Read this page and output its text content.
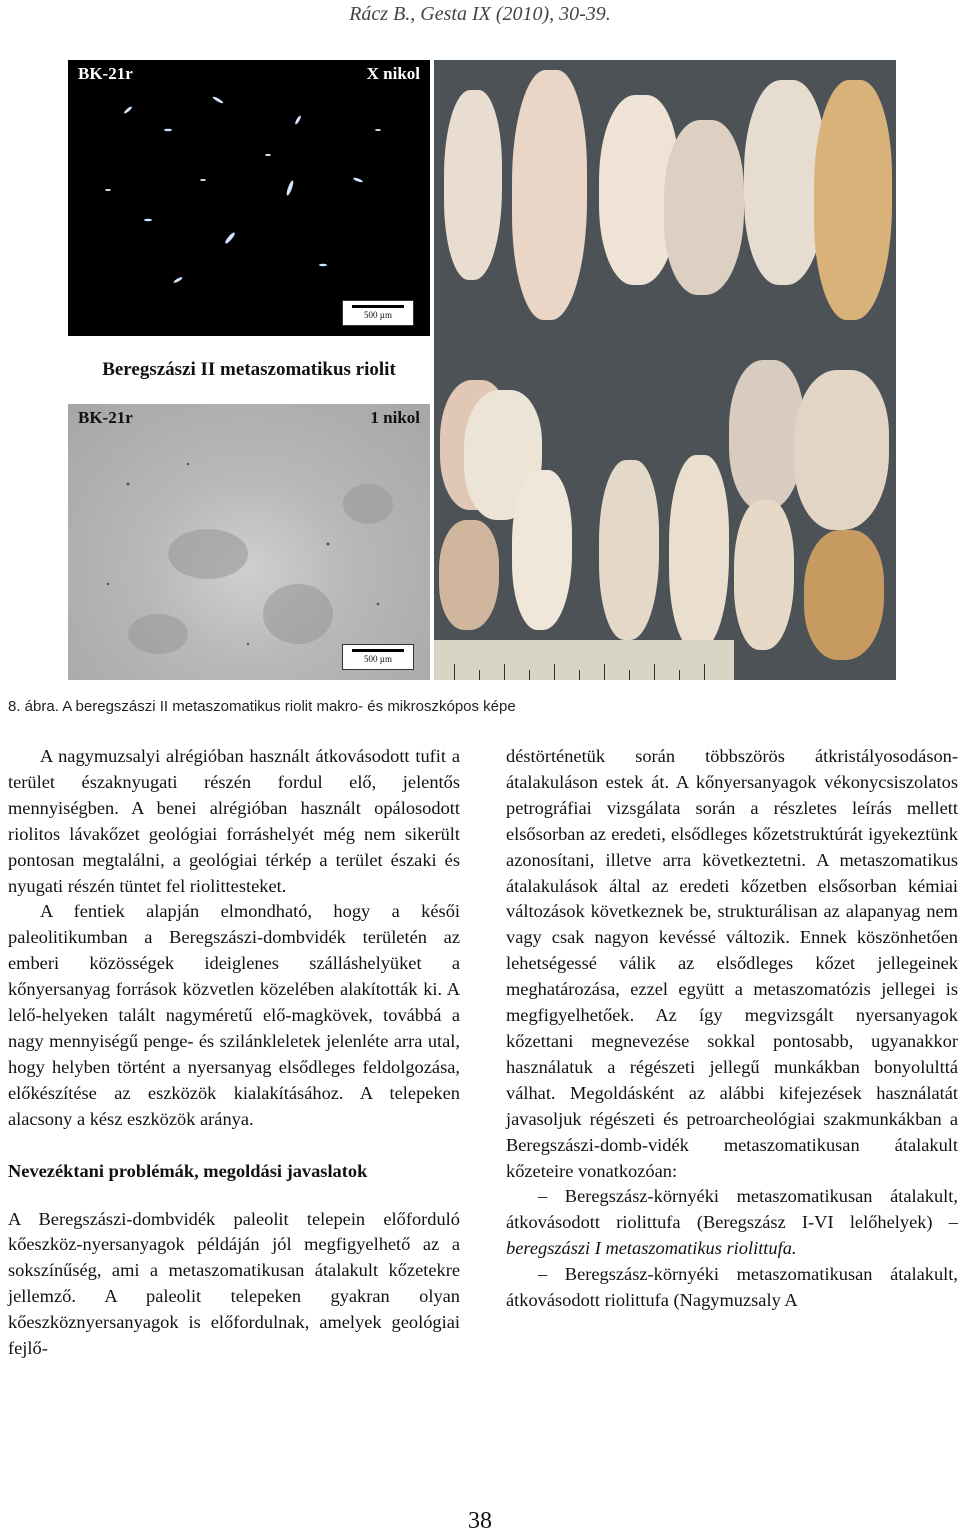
Rácz B., Gesta IX (2010), 30-39.
BK-21r	X nikol
500 µm
Beregszászi II metaszomatikus riolit
BK-21r	1 nikol
500 µm
8. ábra. A beregszászi II metaszomatikus riolit makro- és mikroszkópos képe

A nagymuzsalyi alrégióban használt átkovásodott tufit a terület északnyugati részén fordul elő, jelentős mennyiségben. A benei alrégióban használt opálosodott riolitos lávakőzet geológiai forráshelyét még nem sikerült pontosan megtalálni, a geológiai térkép a terület északi és nyugati részén tüntet fel riolittesteket.

A fentiek alapján elmondható, hogy a késői paleolitikumban a Beregszászi-dombvidék területén az emberi közösségek ideiglenes szálláshelyüket a kőnyersanyag források közvetlen közelében alakították ki. A lelő-helyeken talált nagyméretű elő-magkövek, továbbá a nagy mennyiségű penge- és szilánkleletek jelenléte arra utal, hogy helyben történt a nyersanyag elsődleges feldolgozása, előkészítése az eszközök kialakításához. A telepeken alacsony a kész eszközök aránya.

Nevezéktani problémák, megoldási javaslatok

A Beregszászi-dombvidék paleolit telepein előforduló kőeszköz-nyersanyagok példáján jól megfigyelhető az a sokszínűség, ami a metaszomatikusan átalakult kőzetekre jellemző. A paleolit telepeken gyakran olyan kőeszköznyersanyagok is előfordulnak, amelyek geológiai fejlő-

déstörténetük során többszörös átkristályosodáson-átalakuláson estek át. A kőnyersanyagok vékonycsiszolatos petrográfiai vizsgálata során a részletes leírás mellett elsősorban az eredeti, elsődleges kőzetstruktúrát igyekeztünk azonosítani, illetve arra következtetni. A metaszomatikus átalakulások által az eredeti kőzetben elsősorban kémiai változások következnek be, strukturálisan az alapanyag nem vagy csak nagyon kevéssé változik. Ennek köszönhetően lehetségessé válik az elsődleges kőzet jellegeinek meghatározása, ezzel együtt a metaszomatózis jellegei is megfigyelhetőek. Az így megvizsgált nyersanyagok kőzettani megnevezése sokkal pontosabb, ugyanakkor használatuk a régészeti jellegű munkákban bonyolulttá válhat. Megoldásként az alábbi kifejezések használatát javasoljuk régészeti és petroarcheológiai szakmunkákban a Beregszászi-domb-vidék metaszomatikusan átalakult kőzeteire vonatkozóan:

– Beregszász-környéki metaszomatikusan átalakult, átkovásodott riolittufa (Beregszász I-VI lelőhelyek) – beregszászi I metaszomatikus riolittufa.

– Beregszász-környéki metaszomatikusan átalakult, átkovásodott riolittufa (Nagymuzsaly A

38
